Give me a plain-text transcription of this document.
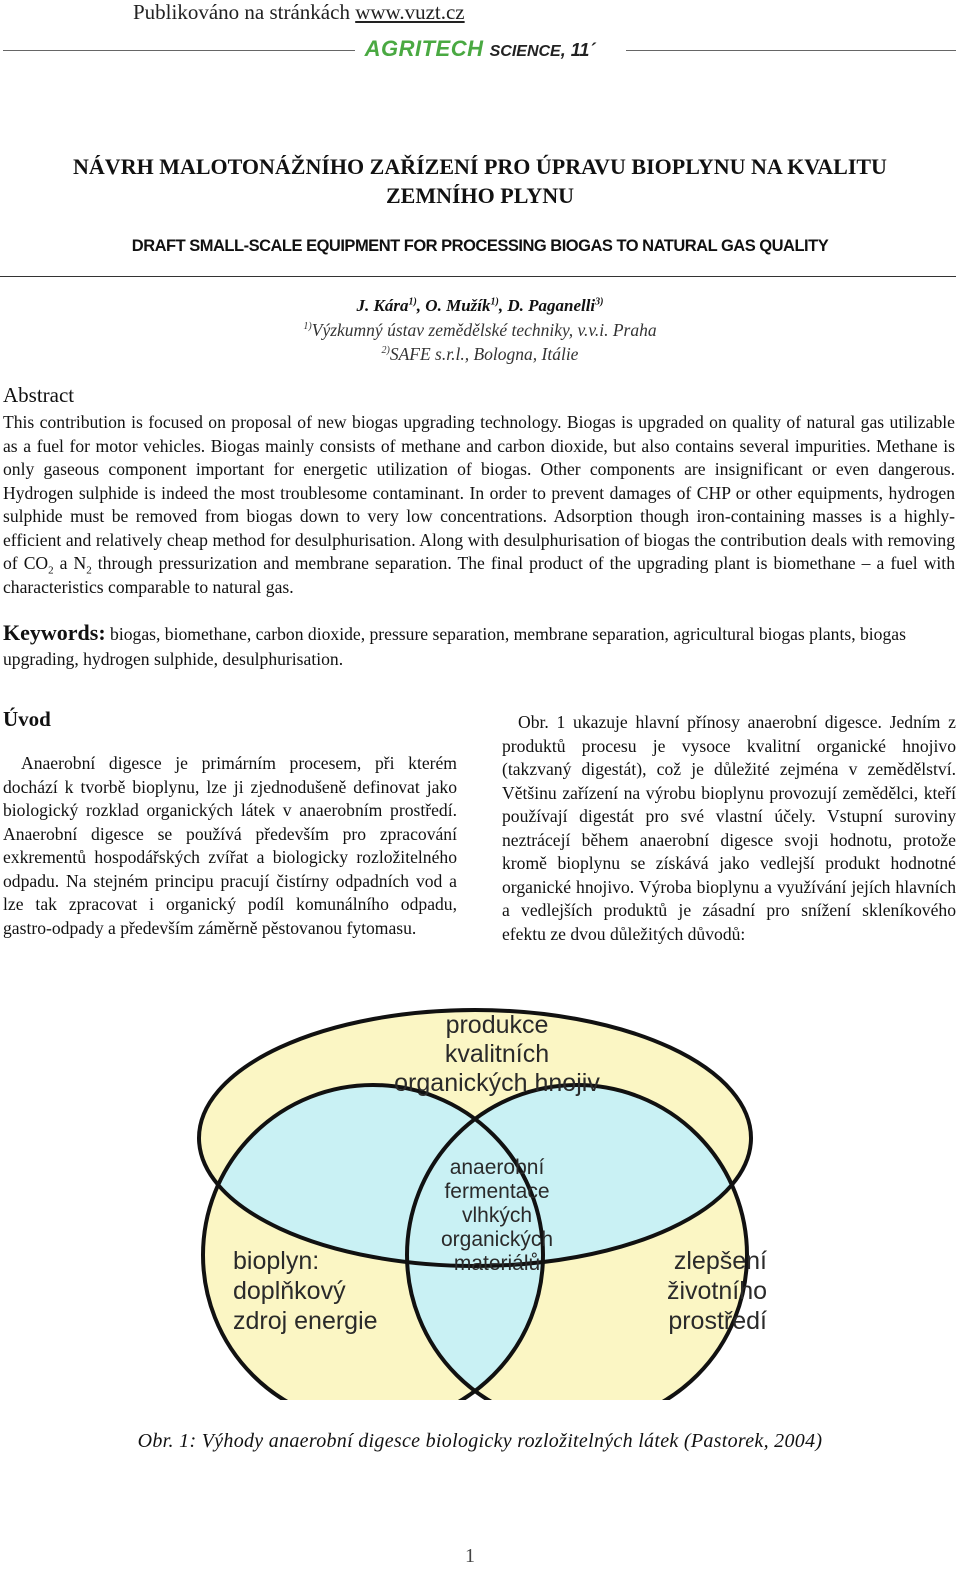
Publikováno na stránkách www.vuzt.cz
AGRITECH SCIENCE, 11´
NÁVRH MALOTONÁŽNÍHO ZAŘÍZENÍ PRO ÚPRAVU BIOPLYNU NA KVALITU
ZEMNÍHO PLYNU
DRAFT SMALL-SCALE EQUIPMENT FOR PROCESSING BIOGAS TO NATURAL GAS QUALITY
J. Kára$^{1)}$, O. Mužík$^{1)}$, D. Paganelli$^{3)}$
$^{1)}$Výzkumný ústav zemědělské techniky, v.v.i. Praha
$^{2)}$SAFE s.r.l., Bologna, Itálie
Abstract
This contribution is focused on proposal of new biogas upgrading technology. Biogas is upgraded on quality of natural gas utilizable as a fuel for motor vehicles. Biogas mainly consists of methane and carbon dioxide, but also contains several impurities. Methane is only gaseous component important for energetic utilization of biogas. Other components are insignificant or even dangerous. Hydrogen sulphide is indeed the most troublesome contaminant. In order to prevent damages of CHP or other equipments, hydrogen sulphide must be removed from biogas down to very low concentrations. Adsorption though iron-containing masses is a highly-efficient and relatively cheap method for desulphurisation. Along with desulphurisation of biogas the contribution deals with removing of $CO_2$ a $N_2$ through pressurization and membrane separation. The final product of the upgrading plant is biomethane – a fuel with characteristics comparable to natural gas.
Keywords: biogas, biomethane, carbon dioxide, pressure separation, membrane separation, agricultural biogas plants, biogas upgrading, hydrogen sulphide, desulphurisation.
Úvod
Anaerobní digesce je primárním procesem, při kterém dochází k tvorbě bioplynu, lze ji zjednodušeně definovat jako biologický rozklad organických látek v anaerobním prostředí. Anaerobní digesce se používá především pro zpracování exkrementů hospodářských zvířat a biologicky rozložitelného odpadu. Na stejném principu pracují čistírny odpadních vod a lze tak zpracovat i organický podíl komunálního odpadu, gastro-odpady a především záměrně pěstovanou fytomasu.
Obr. 1 ukazuje hlavní přínosy anaerobní digesce. Jedním z produktů procesu je vysoce kvalitní organické hnojivo (takzvaný digestát), což je důležité zejména v zemědělství. Většinu zařízení na výrobu bioplynu provozují zemědělci, kteří používají digestát pro své vlastní účely. Vstupní suroviny neztrácejí během anaerobní digesce svoji hodnotu, protože kromě bioplynu se získává jako vedlejší produkt hodnotné organické hnojivo. Výroba bioplynu a využívání jejích hlavních a vedlejších produktů je zásadní pro snížení skleníkového efektu ze dvou důležitých důvodů:
produkce
kvalitních
organických hnojiv
anaerobní
fermentace
vlhkých
organických
materiálů
bioplyn:
doplňkový
zdroj energie
zlepšení
životního
prostředí
Obr. 1: Výhody anaerobní digesce biologicky rozložitelných látek (Pastorek, 2004)
1
